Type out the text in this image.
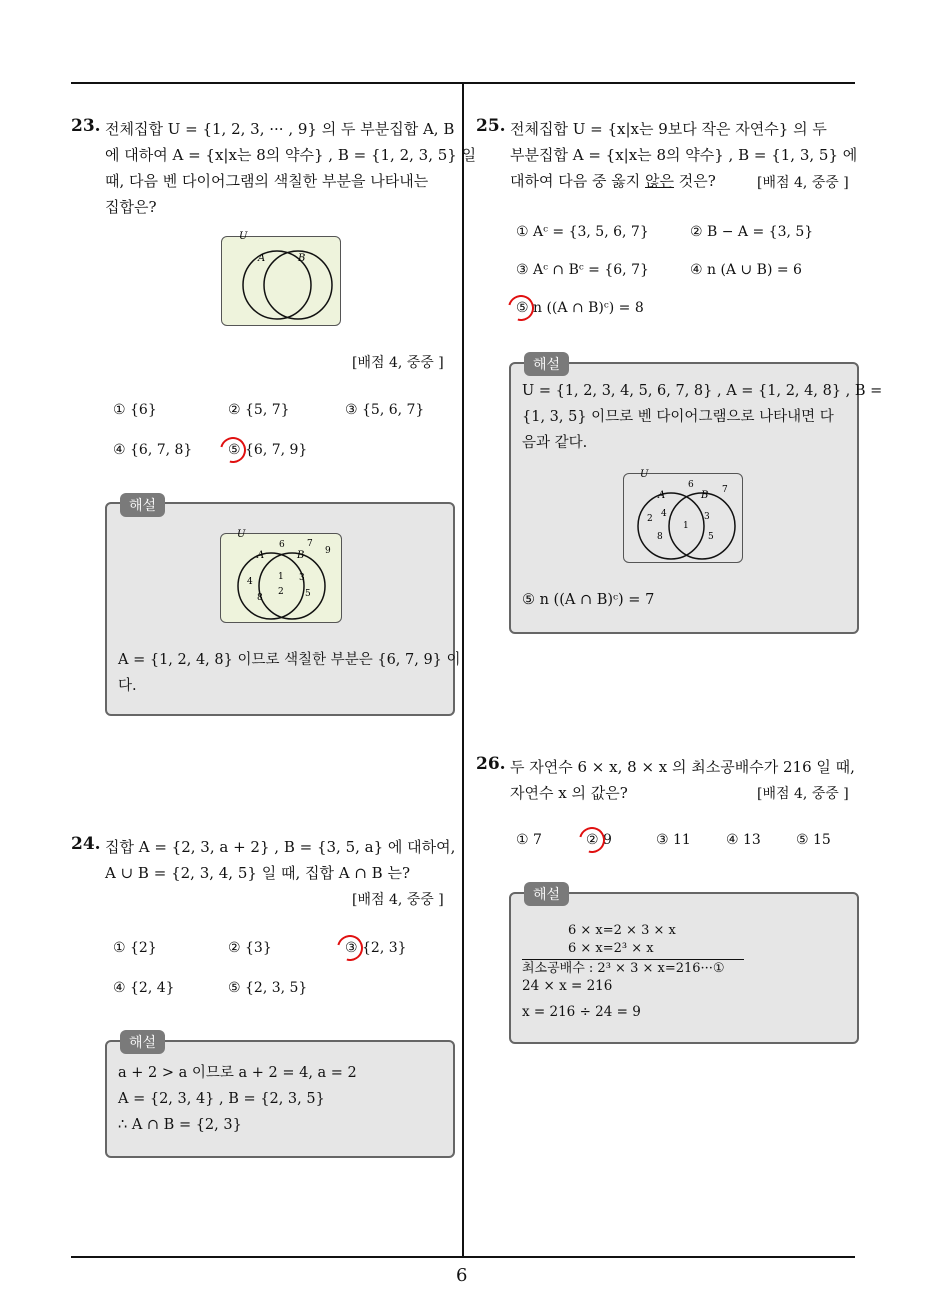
6
23. 전체집합 U = {1, 2, 3, ··· , 9} 의 두 부분집합 A, B
에 대하여 A = {x|x는 8의 약수} , B = {1, 2, 3, 5} 일
때, 다음 벤 다이어그램의 색칠한 부분을 나타내는
집합은?
U
A	B
[배점 4, 중중 ]
① {6}	② {5, 7}	③ {5, 6, 7}
④ {6, 7, 8}	⑤ {6, 7, 9}
해설
U
A	B
6 7
9
4
8
1
2
3
5
A = {1, 2, 4, 8} 이므로 색칠한 부분은 {6, 7, 9} 이
다.
24. 집합 A = {2, 3, a + 2} , B = {3, 5, a} 에 대하여,
A ∪ B = {2, 3, 4, 5} 일 때, 집합 A ∩ B 는?
[배점 4, 중중 ]
① {2}	② {3}	③ {2, 3}
④ {2, 4}	⑤ {2, 3, 5}
해설
a + 2 > a 이므로 a + 2 = 4, a = 2
A = {2, 3, 4} , B = {2, 3, 5}
∴ A ∩ B = {2, 3}
25. 전체집합 U = {x|x는 9보다 작은 자연수} 의 두
부분집합 A = {x|x는 8의 약수} , B = {1, 3, 5} 에
대하여 다음 중 옳지 않은 것은?	[배점 4, 중중 ]
① Aᶜ = {3, 5, 6, 7}	② B − A = {3, 5}
③ Aᶜ ∩ Bᶜ = {6, 7}	④ n (A ∪ B) = 6
⑤ n ((A ∩ B)ᶜ) = 8
해설
U = {1, 2, 3, 4, 5, 6, 7, 8} , A = {1, 2, 4, 8} , B =
{1, 3, 5} 이므로 벤 다이어그램으로 나타내면 다
음과 같다.
U
A	B
6	7
2 4
1
3
8	5
⑤ n ((A ∩ B)ᶜ) = 7
26. 두 자연수 6 × x, 8 × x 의 최소공배수가 216 일 때,
자연수 x 의 값은?	[배점 4, 중중 ]
① 7	② 9	③ 11	④ 13	⑤ 15
해설
6 × x=2 × 3 × x
6 × x=2³ × x
최소공배수 : 2³ × 3 × x=216···①
24 × x = 216
x = 216 ÷ 24 = 9
